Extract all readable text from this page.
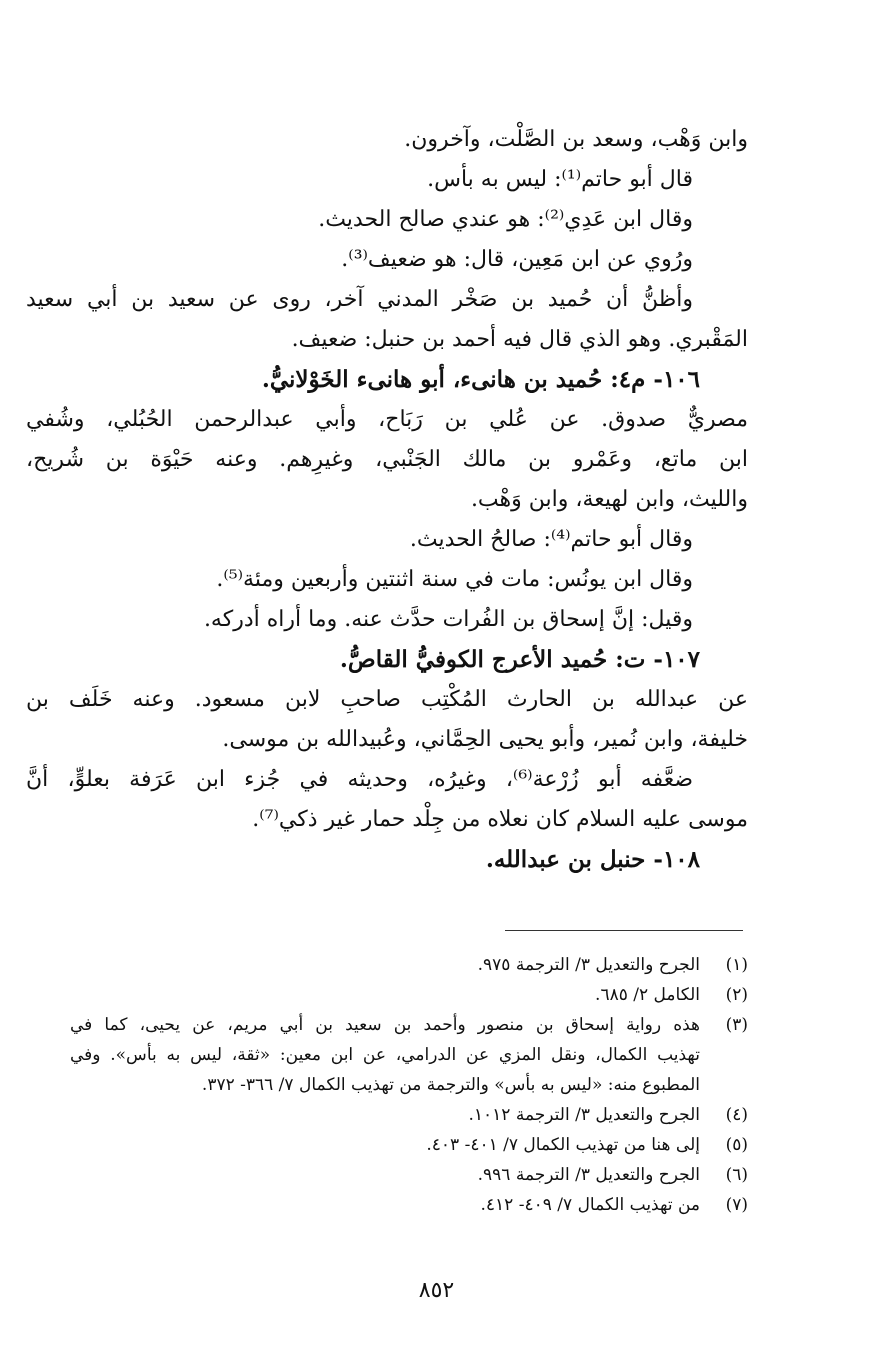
وابن وَهْب، وسعد بن الصَّلْت، وآخرون.

قال أبو حاتم⁽¹⁾: ليس به بأس.

وقال ابن عَدِي⁽²⁾: هو عندي صالح الحديث.

ورُوي عن ابن مَعِين، قال: هو ضعيف⁽³⁾.

وأظنُّ أن حُميد بن صَخْر المدني آخر، روى عن سعيد بن أبي سعيد

المَقْبري. وهو الذي قال فيه أحمد بن حنبل: ضعيف.

١٠٦- م٤: حُميد بن هانىء، أبو هانىء الخَوْلانيُّ.

مصريٌّ صدوق. عن عُلي بن رَبَاح، وأبي عبدالرحمن الحُبُلي، وشُفي

ابن ماتع، وعَمْرو بن مالك الجَنْبي، وغيرِهم. وعنه حَيْوَة بن شُريح،

والليث، وابن لهيعة، وابن وَهْب.

وقال أبو حاتم⁽⁴⁾: صالحُ الحديث.

وقال ابن يونُس: مات في سنة اثنتين وأربعين ومئة⁽⁵⁾.

وقيل: إنَّ إسحاق بن الفُرات حدَّث عنه. وما أراه أدركه.

١٠٧- ت: حُميد الأعرج الكوفيُّ القاصُّ.

عن عبدالله بن الحارث المُكْتِب صاحبِ لابن مسعود. وعنه خَلَف بن

خليفة، وابن نُمير، وأبو يحيى الحِمَّاني، وعُبيدالله بن موسى.

ضعَّفه أبو زُرْعة⁽⁶⁾، وغيرُه، وحديثه في جُزء ابن عَرَفة بعلوٍّ، أنَّ

موسى عليه السلام كان نعلاه من جِلْد حمار غير ذكي⁽⁷⁾.

١٠٨- حنبل بن عبدالله.

(١)
الجرح والتعديل ٣/ الترجمة ٩٧٥.
(٢)
الكامل ٢/ ٦٨٥.
(٣)
هذه رواية إسحاق بن منصور وأحمد بن سعيد بن أبي مريم، عن يحيى، كما في
تهذيب الكمال، ونقل المزي عن الدرامي، عن ابن معين: «ثقة، ليس به بأس». وفي
المطبوع منه: «ليس به بأس» والترجمة من تهذيب الكمال ٧/ ٣٦٦- ٣٧٢.
(٤)
الجرح والتعديل ٣/ الترجمة ١٠١٢.
(٥)
إلى هنا من تهذيب الكمال ٧/ ٤٠١- ٤٠٣.
(٦)
الجرح والتعديل ٣/ الترجمة ٩٩٦.
(٧)
من تهذيب الكمال ٧/ ٤٠٩- ٤١٢.
٨٥٢
